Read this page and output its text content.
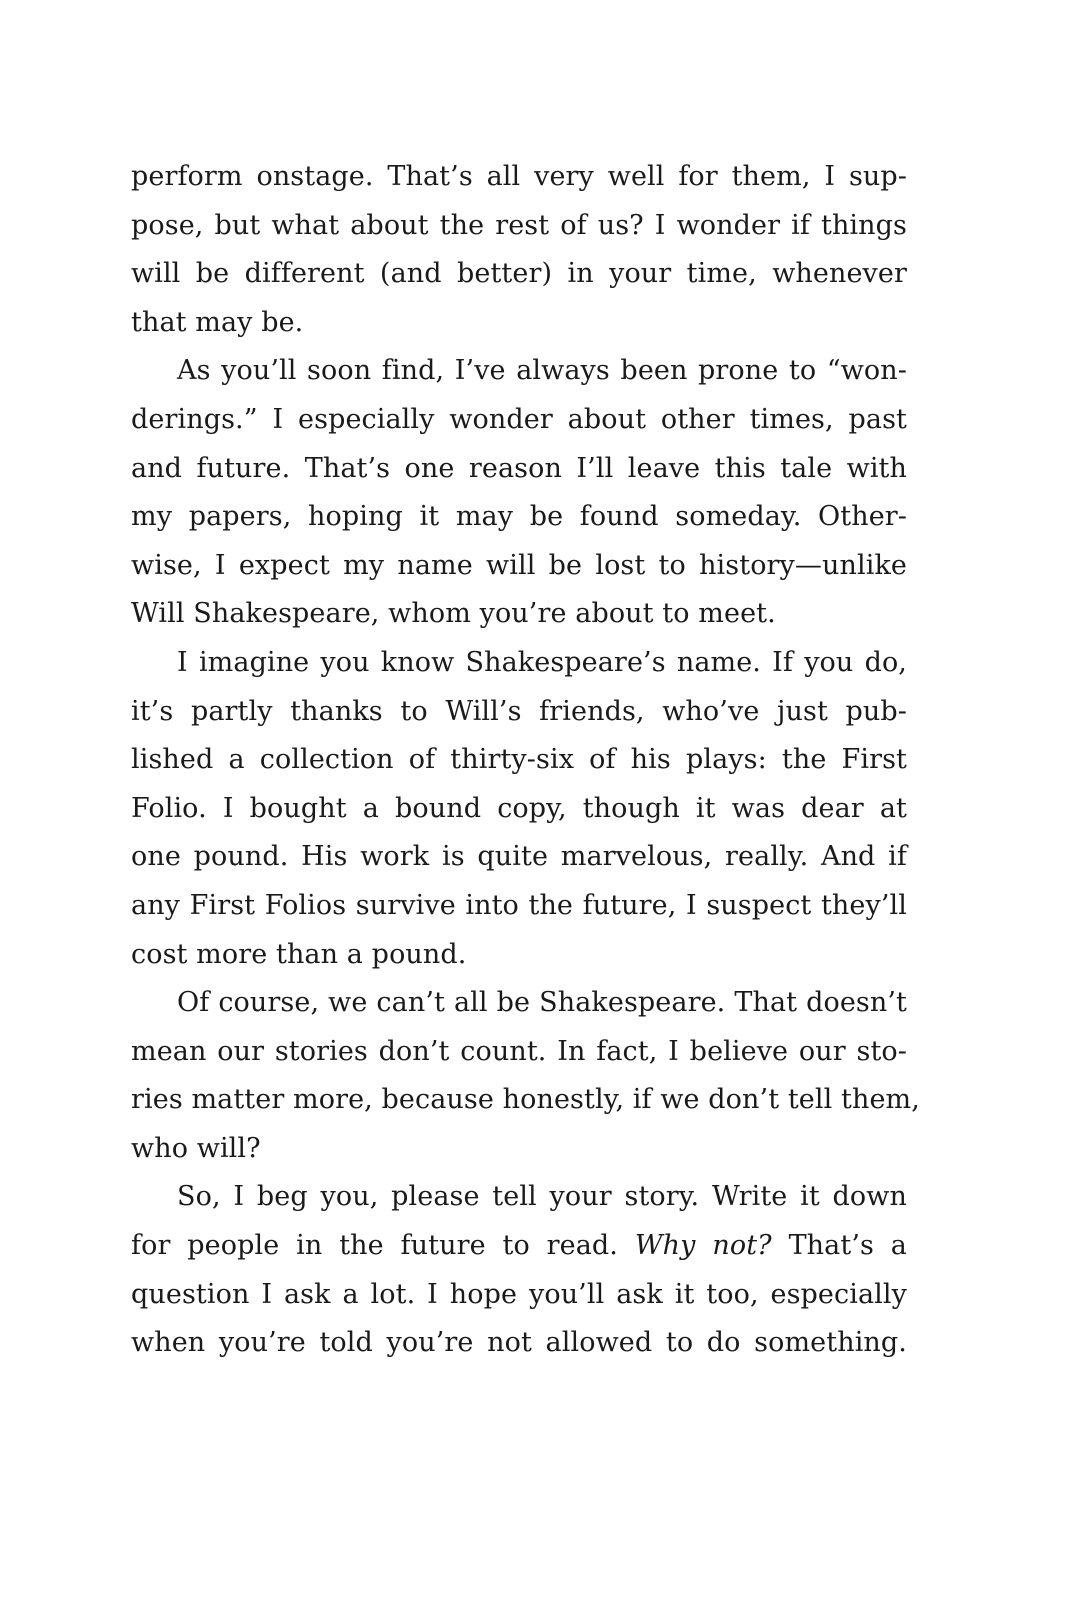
perform onstage. That’s all very well for them, I sup-
pose, but what about the rest of us? I wonder if things
will be different (and better) in your time, whenever
that may be.
As you’ll soon find, I’ve always been prone to “won-
derings.” I especially wonder about other times, past
and future. That’s one reason I’ll leave this tale with
my papers, hoping it may be found someday. Other-
wise, I expect my name will be lost to history—unlike
Will Shakespeare, whom you’re about to meet.
I imagine you know Shakespeare’s name. If you do,
it’s partly thanks to Will’s friends, who’ve just pub-
lished a collection of thirty-six of his plays: the First
Folio. I bought a bound copy, though it was dear at
one pound. His work is quite marvelous, really. And if
any First Folios survive into the future, I suspect they’ll
cost more than a pound.
Of course, we can’t all be Shakespeare. That doesn’t
mean our stories don’t count. In fact, I believe our sto-
ries matter more, because honestly, if we don’t tell them,
who will?
So, I beg you, please tell your story. Write it down
for people in the future to read. Why not? That’s a
question I ask a lot. I hope you’ll ask it too, especially
when you’re told you’re not allowed to do something.
